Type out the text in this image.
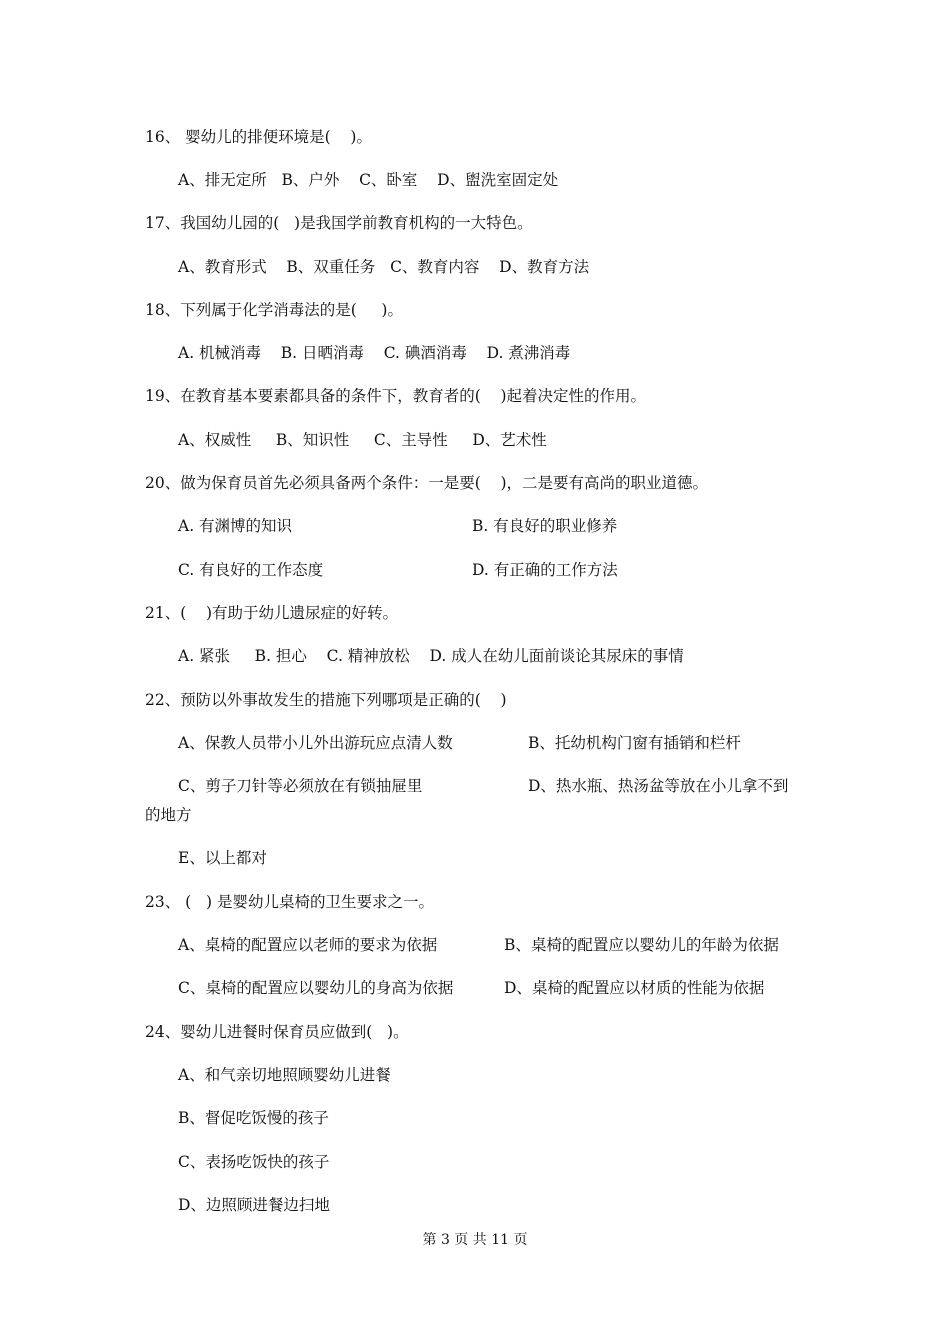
16、 婴幼儿的排便环境是(    )。
A、排无定所   B、户外    C、卧室    D、盥洗室固定处
17、我国幼儿园的(   )是我国学前教育机构的一大特色。
A、教育形式    B、双重任务   C、教育内容    D、教育方法
18、下列属于化学消毒法的是(     )。
A. 机械消毒    B. 日晒消毒    C. 碘酒消毒    D. 煮沸消毒
19、在教育基本要素都具备的条件下，教育者的(    )起着决定性的作用。
A、权威性     B、知识性     C、主导性     D、艺术性
20、做为保育员首先必须具备两个条件：一是要(    )，二是要有高尚的职业道德。
A. 有渊博的知识	B. 有良好的职业修养
C. 有良好的工作态度	D. 有正确的工作方法
21、(    )有助于幼儿遗尿症的好转。
A. 紧张     B. 担心    C. 精神放松    D. 成人在幼儿面前谈论其尿床的事情
22、预防以外事故发生的措施下列哪项是正确的(    )
A、保教人员带小儿外出游玩应点清人数	B、托幼机构门窗有插销和栏杆
C、剪子刀针等必须放在有锁抽屉里	D、热水瓶、热汤盆等放在小儿拿不到
的地方
E、以上都对
23、 (   ) 是婴幼儿桌椅的卫生要求之一。
A、桌椅的配置应以老师的要求为依据	B、桌椅的配置应以婴幼儿的年龄为依据
C、桌椅的配置应以婴幼儿的身高为依据	D、桌椅的配置应以材质的性能为依据
24、婴幼儿进餐时保育员应做到(   )。
A、和气亲切地照顾婴幼儿进餐
B、督促吃饭慢的孩子
C、表扬吃饭快的孩子
D、边照顾进餐边扫地
第 3 页 共 11 页
